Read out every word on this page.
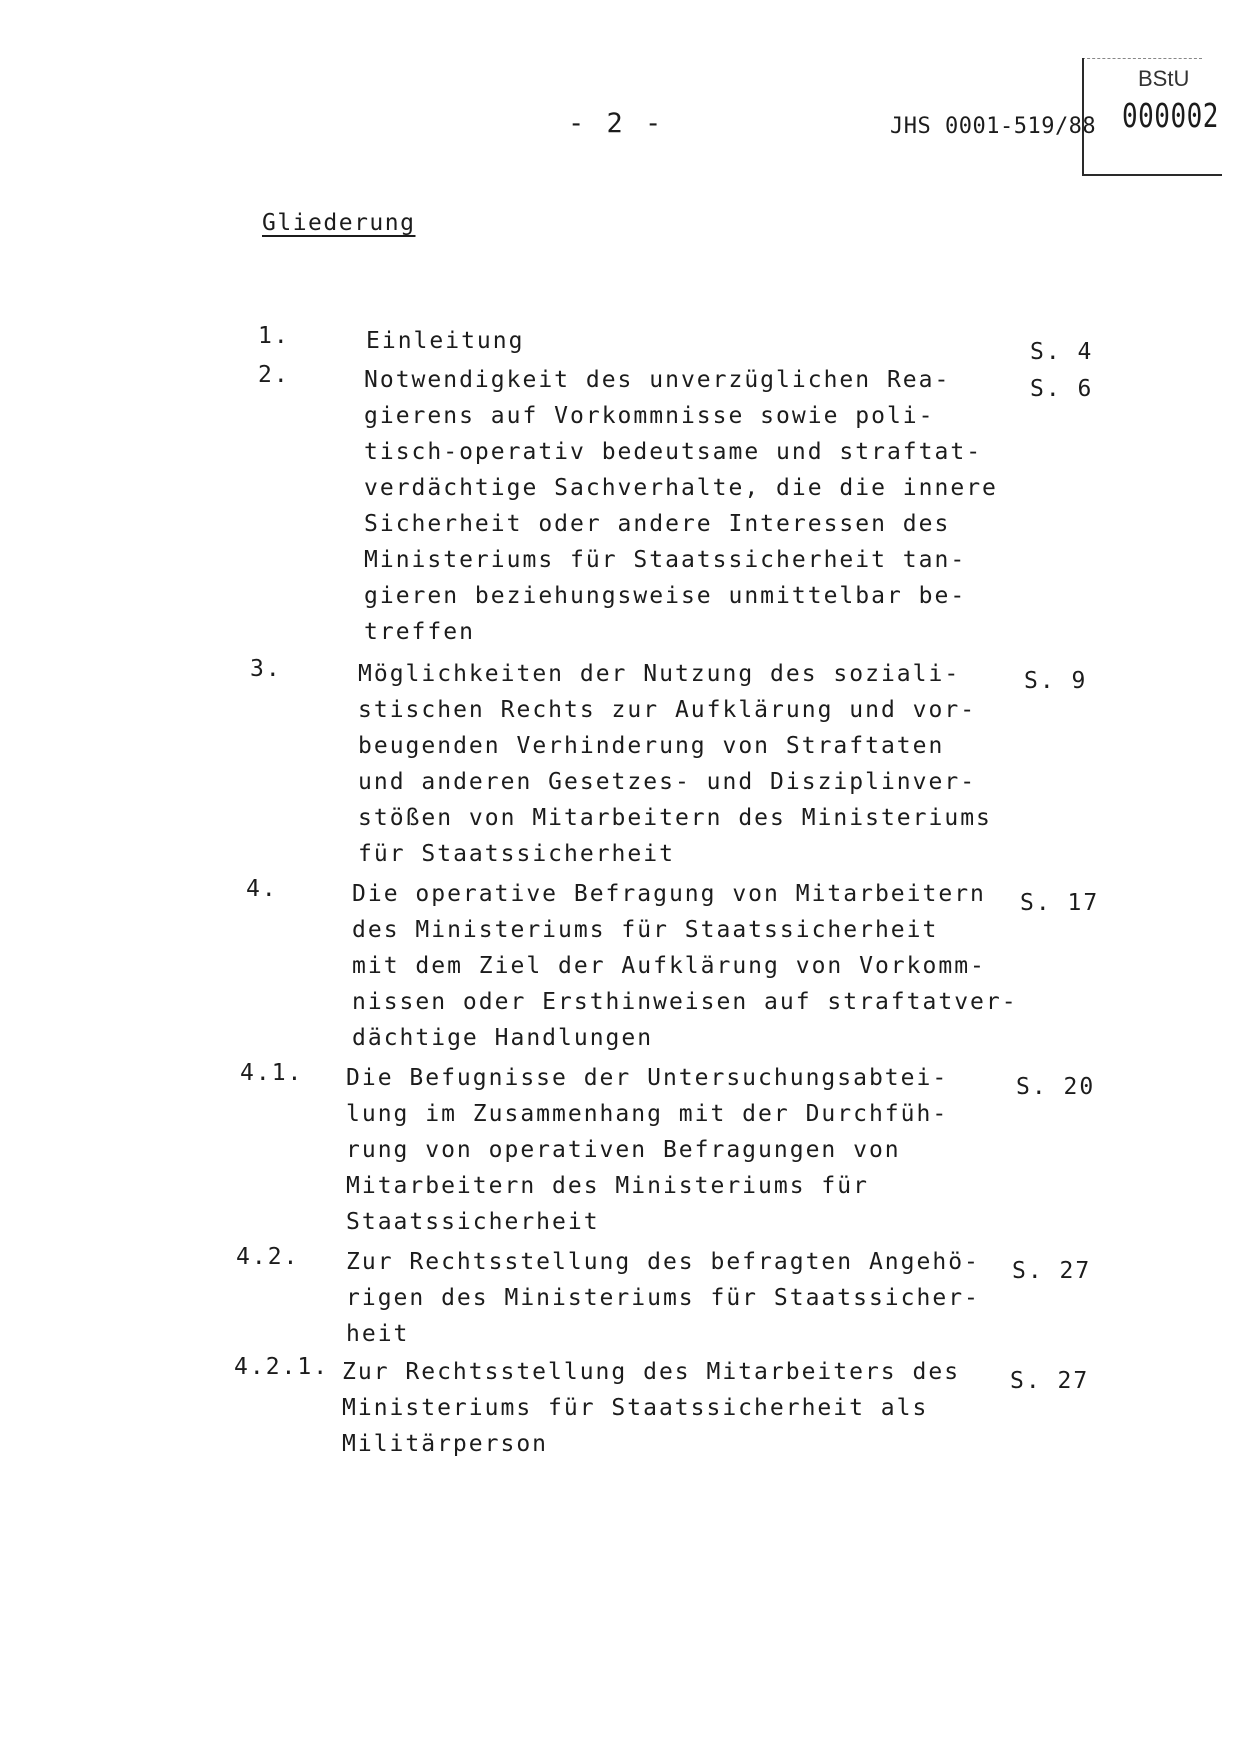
- 2 -	JHS 0001-519/88
BStU
000002
Gliederung
1.	Einleitung	S. 4
2.	Notwendigkeit des unverzüglichen Rea-
gierens auf Vorkommnisse sowie poli-
tisch-operativ bedeutsame und straftat-
verdächtige Sachverhalte, die die innere
Sicherheit oder andere Interessen des
Ministeriums für Staatssicherheit tan-
gieren beziehungsweise unmittelbar be-
treffen
S. 6
3.	Möglichkeiten der Nutzung des soziali-
stischen Rechts zur Aufklärung und vor-
beugenden Verhinderung von Straftaten
und anderen Gesetzes- und Disziplinver-
stößen von Mitarbeitern des Ministeriums
für Staatssicherheit
S. 9
4.	Die operative Befragung von Mitarbeitern
des Ministeriums für Staatssicherheit
mit dem Ziel der Aufklärung von Vorkomm-
nissen oder Ersthinweisen auf straftatver-
dächtige Handlungen
S. 17
4.1. Die Befugnisse der Untersuchungsabtei-
lung im Zusammenhang mit der Durchfüh-
rung von operativen Befragungen von
Mitarbeitern des Ministeriums für
Staatssicherheit
S. 20
4.2. Zur Rechtsstellung des befragten Angehö-
rigen des Ministeriums für Staatssicher-
heit
S. 27
4.2.1. Zur Rechtsstellung des Mitarbeiters des
Ministeriums für Staatssicherheit als
Militärperson
S. 27
